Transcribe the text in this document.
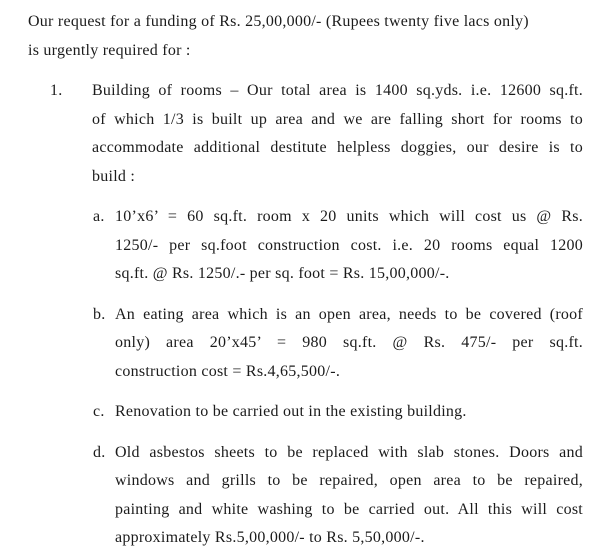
Our request for a funding of Rs. 25,00,000/- (Rupees twenty five lacs only)
is urgently required for :
1.	Building of rooms – Our total area is 1400 sq.yds. i.e. 12600 sq.ft.
of which 1/3 is built up area and we are falling short for rooms to
accommodate additional destitute helpless doggies, our desire is to
build :
a. 10’x6’ = 60 sq.ft. room x 20 units which will cost us @ Rs.
1250/- per sq.foot construction cost. i.e. 20 rooms equal 1200
sq.ft. @ Rs. 1250/.- per sq. foot = Rs. 15,00,000/-.
b. An eating area which is an open area, needs to be covered (roof
only) area 20’x45’ = 980 sq.ft. @ Rs. 475/- per sq.ft.
construction cost = Rs.4,65,500/-.
c. Renovation to be carried out in the existing building.
d. Old asbestos sheets to be replaced with slab stones. Doors and
windows and grills to be repaired, open area to be repaired,
painting and white washing to be carried out. All this will cost
approximately Rs.5,00,000/- to Rs. 5,50,000/-.
